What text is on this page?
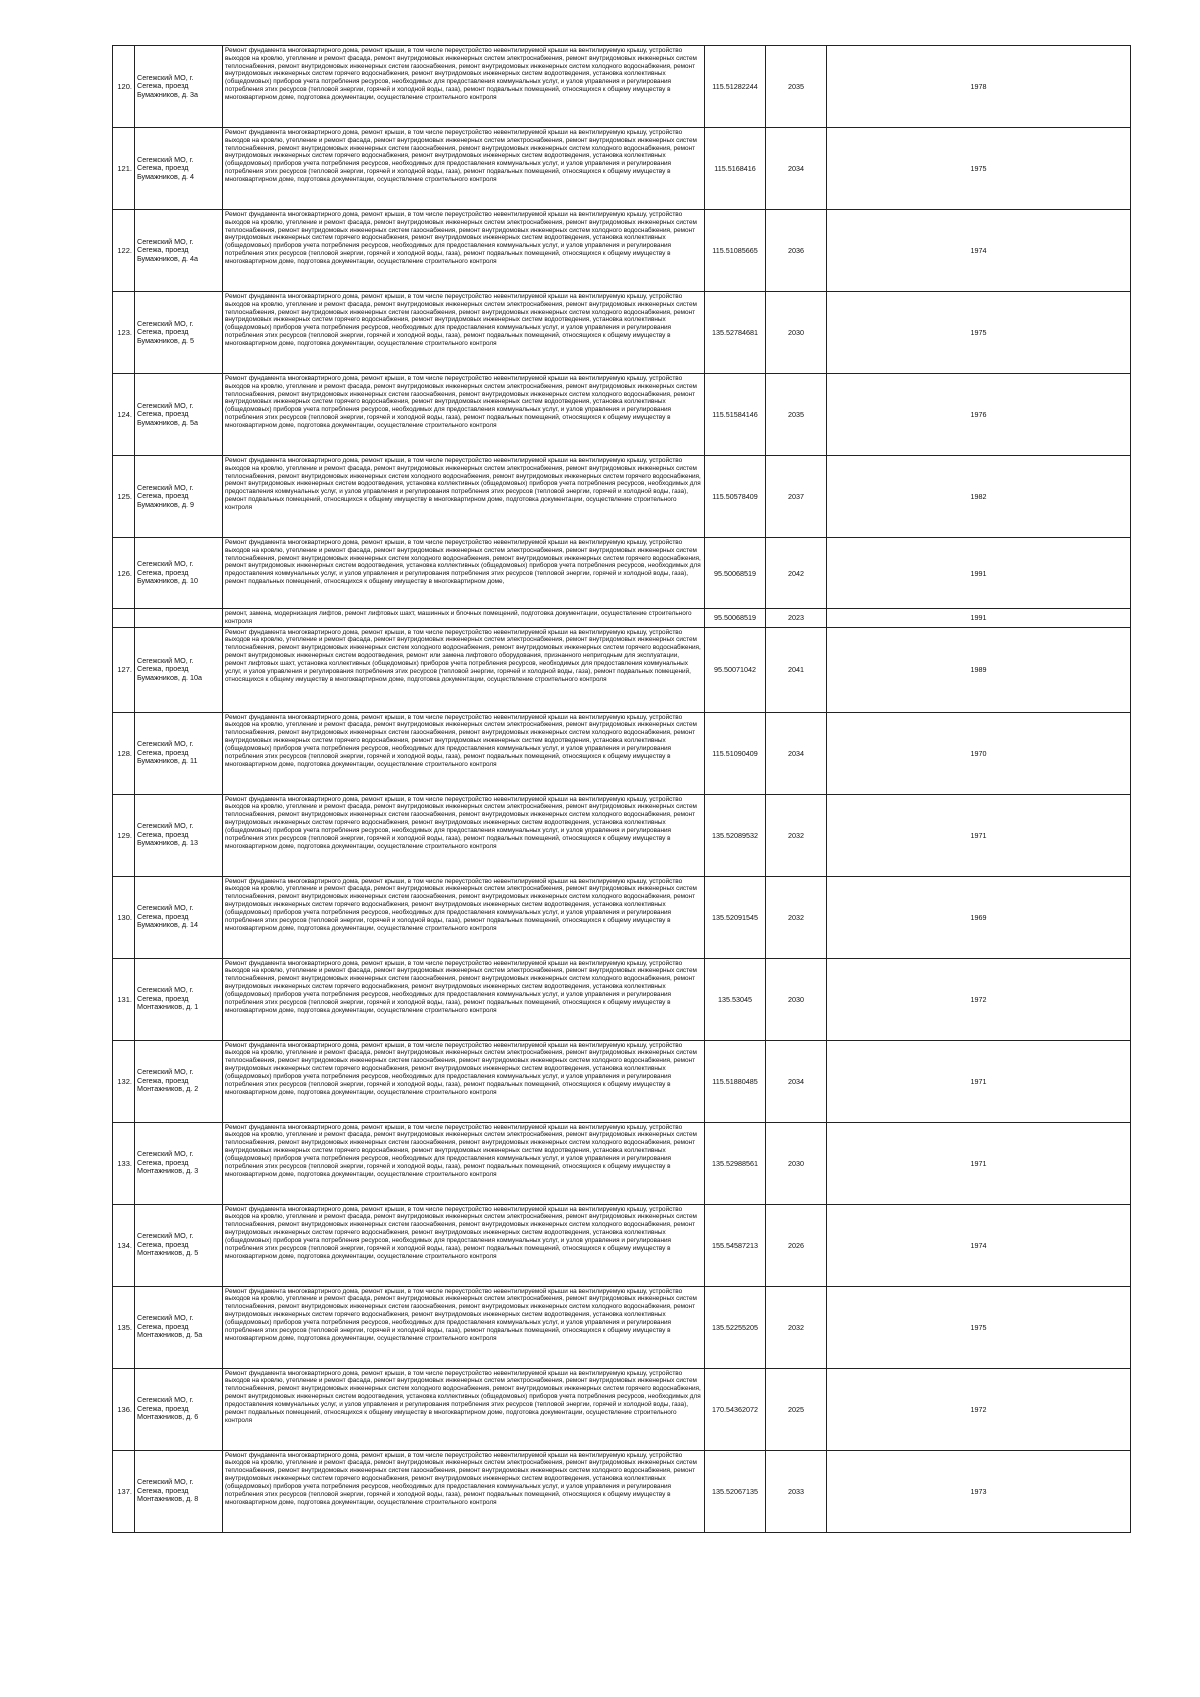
120.	Сегежский МО, г. Сегежа, проезд Бумажников, д. 3а	Ремонт фундамента многоквартирного дома, ремонт крыши, в том числе переустройство невентилируемой крыши на вентилируемую крышу, устройство выходов на кровлю, утепление и ремонт фасада, ремонт внутридомовых инженерных систем электроснабжения, ремонт внутридомовых инженерных систем теплоснабжения, ремонт внутридомовых инженерных систем газоснабжения, ремонт внутридомовых инженерных систем холодного водоснабжения, ремонт внутридомовых инженерных систем горячего водоснабжения, ремонт внутридомовых инженерных систем водоотведения, установка коллективных (общедомовых) приборов учета потребления ресурсов, необходимых для предоставления коммунальных услуг, и узлов управления и регулирования потребления этих ресурсов (тепловой энергии, горячей и холодной воды, газа), ремонт подвальных помещений, относящихся к общему имуществу в многоквартирном доме, подготовка документации, осуществление строительного контроля	115.51282244	2035	1978
121.	Сегежский МО, г. Сегежа, проезд Бумажников, д. 4	Ремонт фундамента многоквартирного дома, ремонт крыши, в том числе переустройство невентилируемой крыши на вентилируемую крышу, устройство выходов на кровлю, утепление и ремонт фасада, ремонт внутридомовых инженерных систем электроснабжения, ремонт внутридомовых инженерных систем теплоснабжения, ремонт внутридомовых инженерных систем газоснабжения, ремонт внутридомовых инженерных систем холодного водоснабжения, ремонт внутридомовых инженерных систем горячего водоснабжения, ремонт внутридомовых инженерных систем водоотведения, установка коллективных (общедомовых) приборов учета потребления ресурсов, необходимых для предоставления коммунальных услуг, и узлов управления и регулирования потребления этих ресурсов (тепловой энергии, горячей и холодной воды, газа), ремонт подвальных помещений, относящихся к общему имуществу в многоквартирном доме, подготовка документации, осуществление строительного контроля	115.5168416	2034	1975
122.	Сегежский МО, г. Сегежа, проезд Бумажников, д. 4а	Ремонт фундамента многоквартирного дома, ремонт крыши, в том числе переустройство невентилируемой крыши на вентилируемую крышу, устройство выходов на кровлю, утепление и ремонт фасада, ремонт внутридомовых инженерных систем электроснабжения, ремонт внутридомовых инженерных систем теплоснабжения, ремонт внутридомовых инженерных систем газоснабжения, ремонт внутридомовых инженерных систем холодного водоснабжения, ремонт внутридомовых инженерных систем горячего водоснабжения, ремонт внутридомовых инженерных систем водоотведения, установка коллективных (общедомовых) приборов учета потребления ресурсов, необходимых для предоставления коммунальных услуг, и узлов управления и регулирования потребления этих ресурсов (тепловой энергии, горячей и холодной воды, газа), ремонт подвальных помещений, относящихся к общему имуществу в многоквартирном доме, подготовка документации, осуществление строительного контроля	115.51085665	2036	1974
123.	Сегежский МО, г. Сегежа, проезд Бумажников, д. 5	Ремонт фундамента многоквартирного дома, ремонт крыши, в том числе переустройство невентилируемой крыши на вентилируемую крышу, устройство выходов на кровлю, утепление и ремонт фасада, ремонт внутридомовых инженерных систем электроснабжения, ремонт внутридомовых инженерных систем теплоснабжения, ремонт внутридомовых инженерных систем газоснабжения, ремонт внутридомовых инженерных систем холодного водоснабжения, ремонт внутридомовых инженерных систем горячего водоснабжения, ремонт внутридомовых инженерных систем водоотведения, установка коллективных (общедомовых) приборов учета потребления ресурсов, необходимых для предоставления коммунальных услуг, и узлов управления и регулирования потребления этих ресурсов (тепловой энергии, горячей и холодной воды, газа), ремонт подвальных помещений, относящихся к общему имуществу в многоквартирном доме, подготовка документации, осуществление строительного контроля	135.52784681	2030	1975
124.	Сегежский МО, г. Сегежа, проезд Бумажников, д. 5а	Ремонт фундамента многоквартирного дома, ремонт крыши, в том числе переустройство невентилируемой крыши на вентилируемую крышу, устройство выходов на кровлю, утепление и ремонт фасада, ремонт внутридомовых инженерных систем электроснабжения, ремонт внутридомовых инженерных систем теплоснабжения, ремонт внутридомовых инженерных систем газоснабжения, ремонт внутридомовых инженерных систем холодного водоснабжения, ремонт внутридомовых инженерных систем горячего водоснабжения, ремонт внутридомовых инженерных систем водоотведения, установка коллективных (общедомовых) приборов учета потребления ресурсов, необходимых для предоставления коммунальных услуг, и узлов управления и регулирования потребления этих ресурсов (тепловой энергии, горячей и холодной воды, газа), ремонт подвальных помещений, относящихся к общему имуществу в многоквартирном доме, подготовка документации, осуществление строительного контроля	115.51584146	2035	1976
125.	Сегежский МО, г. Сегежа, проезд Бумажников, д. 9	Ремонт фундамента многоквартирного дома, ремонт крыши, в том числе переустройство невентилируемой крыши на вентилируемую крышу, устройство выходов на кровлю, утепление и ремонт фасада, ремонт внутридомовых инженерных систем электроснабжения, ремонт внутридомовых инженерных систем теплоснабжения, ремонт внутридомовых инженерных систем холодного водоснабжения, ремонт внутридомовых инженерных систем горячего водоснабжения, ремонт внутридомовых инженерных систем водоотведения, установка коллективных (общедомовых) приборов учета потребления ресурсов, необходимых для предоставления коммунальных услуг, и узлов управления и регулирования потребления этих ресурсов (тепловой энергии, горячей и холодной воды, газа), ремонт подвальных помещений, относящихся к общему имуществу в многоквартирном доме, подготовка документации, осуществление строительного контроля	115.50578409	2037	1982
126.	Сегежский МО, г. Сегежа, проезд Бумажников, д. 10	Ремонт фундамента многоквартирного дома, ремонт крыши, в том числе переустройство невентилируемой крыши на вентилируемую крышу, устройство выходов на кровлю, утепление и ремонт фасада, ремонт внутридомовых инженерных систем электроснабжения, ремонт внутридомовых инженерных систем теплоснабжения, ремонт внутридомовых инженерных систем холодного водоснабжения, ремонт внутридомовых инженерных систем горячего водоснабжения, ремонт внутридомовых инженерных систем водоотведения, установка коллективных (общедомовых) приборов учета потребления ресурсов, необходимых для предоставления коммунальных услуг, и узлов управления и регулирования потребления этих ресурсов (тепловой энергии, горячей и холодной воды, газа), ремонт подвальных помещений, относящихся к общему имуществу в многоквартирном доме,	95.50068519	2042	1991
		ремонт, замена, модернизация лифтов, ремонт лифтовых шахт, машинных и блочных помещений, подготовка документации, осуществление строительного контроля	95.50068519	2023	1991
127.	Сегежский МО, г. Сегежа, проезд Бумажников, д. 10а	Ремонт фундамента многоквартирного дома, ремонт крыши, в том числе переустройство невентилируемой крыши на вентилируемую крышу, устройство выходов на кровлю, утепление и ремонт фасада, ремонт внутридомовых инженерных систем электроснабжения, ремонт внутридомовых инженерных систем теплоснабжения, ремонт внутридомовых инженерных систем холодного водоснабжения, ремонт внутридомовых инженерных систем горячего водоснабжения, ремонт внутридомовых инженерных систем водоотведения, ремонт или замена лифтового оборудования, признанного непригодным для эксплуатации, ремонт лифтовых шахт, установка коллективных (общедомовых) приборов учета потребления ресурсов, необходимых для предоставления коммунальных услуг, и узлов управления и регулирования потребления этих ресурсов (тепловой энергии, горячей и холодной воды, газа), ремонт подвальных помещений, относящихся к общему имуществу в многоквартирном доме, подготовка документации, осуществление строительного контроля	95.50071042	2041	1989
128.	Сегежский МО, г. Сегежа, проезд Бумажников, д. 11	Ремонт фундамента многоквартирного дома, ремонт крыши, в том числе переустройство невентилируемой крыши на вентилируемую крышу, устройство выходов на кровлю, утепление и ремонт фасада, ремонт внутридомовых инженерных систем электроснабжения, ремонт внутридомовых инженерных систем теплоснабжения, ремонт внутридомовых инженерных систем газоснабжения, ремонт внутридомовых инженерных систем холодного водоснабжения, ремонт внутридомовых инженерных систем горячего водоснабжения, ремонт внутридомовых инженерных систем водоотведения, установка коллективных (общедомовых) приборов учета потребления ресурсов, необходимых для предоставления коммунальных услуг, и узлов управления и регулирования потребления этих ресурсов (тепловой энергии, горячей и холодной воды, газа), ремонт подвальных помещений, относящихся к общему имуществу в многоквартирном доме, подготовка документации, осуществление строительного контроля	115.51090409	2034	1970
129.	Сегежский МО, г. Сегежа, проезд Бумажников, д. 13	Ремонт фундамента многоквартирного дома, ремонт крыши, в том числе переустройство невентилируемой крыши на вентилируемую крышу, устройство выходов на кровлю, утепление и ремонт фасада, ремонт внутридомовых инженерных систем электроснабжения, ремонт внутридомовых инженерных систем теплоснабжения, ремонт внутридомовых инженерных систем газоснабжения, ремонт внутридомовых инженерных систем холодного водоснабжения, ремонт внутридомовых инженерных систем горячего водоснабжения, ремонт внутридомовых инженерных систем водоотведения, установка коллективных (общедомовых) приборов учета потребления ресурсов, необходимых для предоставления коммунальных услуг, и узлов управления и регулирования потребления этих ресурсов (тепловой энергии, горячей и холодной воды, газа), ремонт подвальных помещений, относящихся к общему имуществу в многоквартирном доме, подготовка документации, осуществление строительного контроля	135.52089532	2032	1971
130.	Сегежский МО, г. Сегежа, проезд Бумажников, д. 14	Ремонт фундамента многоквартирного дома, ремонт крыши, в том числе переустройство невентилируемой крыши на вентилируемую крышу, устройство выходов на кровлю, утепление и ремонт фасада, ремонт внутридомовых инженерных систем электроснабжения, ремонт внутридомовых инженерных систем теплоснабжения, ремонт внутридомовых инженерных систем газоснабжения, ремонт внутридомовых инженерных систем холодного водоснабжения, ремонт внутридомовых инженерных систем горячего водоснабжения, ремонт внутридомовых инженерных систем водоотведения, установка коллективных (общедомовых) приборов учета потребления ресурсов, необходимых для предоставления коммунальных услуг, и узлов управления и регулирования потребления этих ресурсов (тепловой энергии, горячей и холодной воды, газа), ремонт подвальных помещений, относящихся к общему имуществу в многоквартирном доме, подготовка документации, осуществление строительного контроля	135.52091545	2032	1969
131.	Сегежский МО, г. Сегежа, проезд Монтажников, д. 1	Ремонт фундамента многоквартирного дома, ремонт крыши, в том числе переустройство невентилируемой крыши на вентилируемую крышу, устройство выходов на кровлю, утепление и ремонт фасада, ремонт внутридомовых инженерных систем электроснабжения, ремонт внутридомовых инженерных систем теплоснабжения, ремонт внутридомовых инженерных систем газоснабжения, ремонт внутридомовых инженерных систем холодного водоснабжения, ремонт внутридомовых инженерных систем горячего водоснабжения, ремонт внутридомовых инженерных систем водоотведения, установка коллективных (общедомовых) приборов учета потребления ресурсов, необходимых для предоставления коммунальных услуг, и узлов управления и регулирования потребления этих ресурсов (тепловой энергии, горячей и холодной воды, газа), ремонт подвальных помещений, относящихся к общему имуществу в многоквартирном доме, подготовка документации, осуществление строительного контроля	135.53045	2030	1972
132.	Сегежский МО, г. Сегежа, проезд Монтажников, д. 2	Ремонт фундамента многоквартирного дома, ремонт крыши, в том числе переустройство невентилируемой крыши на вентилируемую крышу, устройство выходов на кровлю, утепление и ремонт фасада, ремонт внутридомовых инженерных систем электроснабжения, ремонт внутридомовых инженерных систем теплоснабжения, ремонт внутридомовых инженерных систем газоснабжения, ремонт внутридомовых инженерных систем холодного водоснабжения, ремонт внутридомовых инженерных систем горячего водоснабжения, ремонт внутридомовых инженерных систем водоотведения, установка коллективных (общедомовых) приборов учета потребления ресурсов, необходимых для предоставления коммунальных услуг, и узлов управления и регулирования потребления этих ресурсов (тепловой энергии, горячей и холодной воды, газа), ремонт подвальных помещений, относящихся к общему имуществу в многоквартирном доме, подготовка документации, осуществление строительного контроля	115.51880485	2034	1971
133.	Сегежский МО, г. Сегежа, проезд Монтажников, д. 3	Ремонт фундамента многоквартирного дома, ремонт крыши, в том числе переустройство невентилируемой крыши на вентилируемую крышу, устройство выходов на кровлю, утепление и ремонт фасада, ремонт внутридомовых инженерных систем электроснабжения, ремонт внутридомовых инженерных систем теплоснабжения, ремонт внутридомовых инженерных систем газоснабжения, ремонт внутридомовых инженерных систем холодного водоснабжения, ремонт внутридомовых инженерных систем горячего водоснабжения, ремонт внутридомовых инженерных систем водоотведения, установка коллективных (общедомовых) приборов учета потребления ресурсов, необходимых для предоставления коммунальных услуг, и узлов управления и регулирования потребления этих ресурсов (тепловой энергии, горячей и холодной воды, газа), ремонт подвальных помещений, относящихся к общему имуществу в многоквартирном доме, подготовка документации, осуществление строительного контроля	135.52988561	2030	1971
134.	Сегежский МО, г. Сегежа, проезд Монтажников, д. 5	Ремонт фундамента многоквартирного дома, ремонт крыши, в том числе переустройство невентилируемой крыши на вентилируемую крышу, устройство выходов на кровлю, утепление и ремонт фасада, ремонт внутридомовых инженерных систем электроснабжения, ремонт внутридомовых инженерных систем теплоснабжения, ремонт внутридомовых инженерных систем газоснабжения, ремонт внутридомовых инженерных систем холодного водоснабжения, ремонт внутридомовых инженерных систем горячего водоснабжения, ремонт внутридомовых инженерных систем водоотведения, установка коллективных (общедомовых) приборов учета потребления ресурсов, необходимых для предоставления коммунальных услуг, и узлов управления и регулирования потребления этих ресурсов (тепловой энергии, горячей и холодной воды, газа), ремонт подвальных помещений, относящихся к общему имуществу в многоквартирном доме, подготовка документации, осуществление строительного контроля	155.54587213	2026	1974
135.	Сегежский МО, г. Сегежа, проезд Монтажников, д. 5а	Ремонт фундамента многоквартирного дома, ремонт крыши, в том числе переустройство невентилируемой крыши на вентилируемую крышу, устройство выходов на кровлю, утепление и ремонт фасада, ремонт внутридомовых инженерных систем электроснабжения, ремонт внутридомовых инженерных систем теплоснабжения, ремонт внутридомовых инженерных систем газоснабжения, ремонт внутридомовых инженерных систем холодного водоснабжения, ремонт внутридомовых инженерных систем горячего водоснабжения, ремонт внутридомовых инженерных систем водоотведения, установка коллективных (общедомовых) приборов учета потребления ресурсов, необходимых для предоставления коммунальных услуг, и узлов управления и регулирования потребления этих ресурсов (тепловой энергии, горячей и холодной воды, газа), ремонт подвальных помещений, относящихся к общему имуществу в многоквартирном доме, подготовка документации, осуществление строительного контроля	135.52255205	2032	1975
136.	Сегежский МО, г. Сегежа, проезд Монтажников, д. 6	Ремонт фундамента многоквартирного дома, ремонт крыши, в том числе переустройство невентилируемой крыши на вентилируемую крышу, устройство выходов на кровлю, утепление и ремонт фасада, ремонт внутридомовых инженерных систем электроснабжения, ремонт внутридомовых инженерных систем теплоснабжения, ремонт внутридомовых инженерных систем холодного водоснабжения, ремонт внутридомовых инженерных систем горячего водоснабжения, ремонт внутридомовых инженерных систем водоотведения, установка коллективных (общедомовых) приборов учета потребления ресурсов, необходимых для предоставления коммунальных услуг, и узлов управления и регулирования потребления этих ресурсов (тепловой энергии, горячей и холодной воды, газа), ремонт подвальных помещений, относящихся к общему имуществу в многоквартирном доме, подготовка документации, осуществление строительного контроля	170.54362072	2025	1972
137.	Сегежский МО, г. Сегежа, проезд Монтажников, д. 8	Ремонт фундамента многоквартирного дома, ремонт крыши, в том числе переустройство невентилируемой крыши на вентилируемую крышу, устройство выходов на кровлю, утепление и ремонт фасада, ремонт внутридомовых инженерных систем электроснабжения, ремонт внутридомовых инженерных систем теплоснабжения, ремонт внутридомовых инженерных систем газоснабжения, ремонт внутридомовых инженерных систем холодного водоснабжения, ремонт внутридомовых инженерных систем горячего водоснабжения, ремонт внутридомовых инженерных систем водоотведения, установка коллективных (общедомовых) приборов учета потребления ресурсов, необходимых для предоставления коммунальных услуг, и узлов управления и регулирования потребления этих ресурсов (тепловой энергии, горячей и холодной воды, газа), ремонт подвальных помещений, относящихся к общему имуществу в многоквартирном доме, подготовка документации, осуществление строительного контроля	135.52067135	2033	1973
